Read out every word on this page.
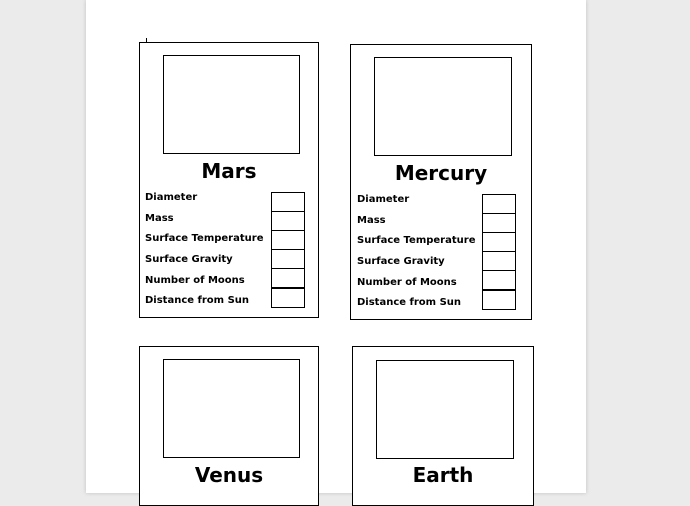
Mars
Diameter
Mass
Surface Temperature
Surface Gravity
Number of Moons
Distance from Sun
Mercury
Diameter
Mass
Surface Temperature
Surface Gravity
Number of Moons
Distance from Sun
Venus	Earth
